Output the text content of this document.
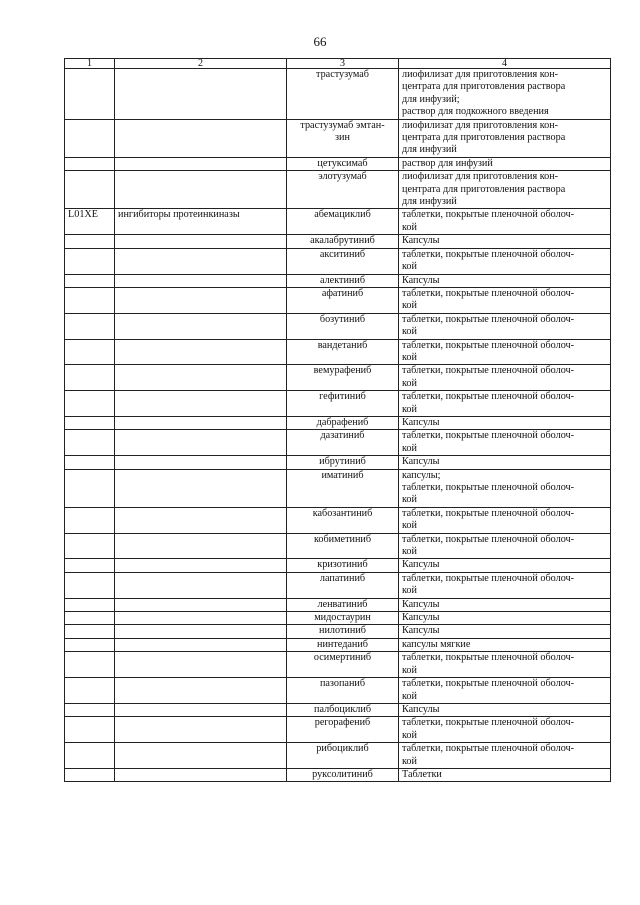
66
1	2	3	4

		трастузумаб	лиофилизат для приготовления кон-
центрата для приготовления раствора
для инфузий;
раствор для подкожного введения

		трастузумаб эмтан-
зин	лиофилизат для приготовления кон-
центрата для приготовления раствора
для инфузий

		цетуксимаб	раствор для инфузий

		элотузумаб	лиофилизат для приготовления кон-
центрата для приготовления раствора
для инфузий

L01XE	ингибиторы протеинкиназы	абемациклиб	таблетки, покрытые пленочной оболоч-
кой

		акалабрутиниб	Капсулы

		акситиниб	таблетки, покрытые пленочной оболоч-
кой

		алектиниб	Капсулы

		афатиниб	таблетки, покрытые пленочной оболоч-
кой

		бозутиниб	таблетки, покрытые пленочной оболоч-
кой

		вандетаниб	таблетки, покрытые пленочной оболоч-
кой

		вемурафениб	таблетки, покрытые пленочной оболоч-
кой

		гефитиниб	таблетки, покрытые пленочной оболоч-
кой

		дабрафениб	Капсулы

		дазатиниб	таблетки, покрытые пленочной оболоч-
кой

		ибрутиниб	Капсулы

		иматиниб	капсулы;
таблетки, покрытые пленочной оболоч-
кой

		кабозантиниб	таблетки, покрытые пленочной оболоч-
кой

		кобиметиниб	таблетки, покрытые пленочной оболоч-
кой

		кризотиниб	Капсулы

		лапатиниб	таблетки, покрытые пленочной оболоч-
кой

		ленватиниб	Капсулы

		мидостаурин	Капсулы

		нилотиниб	Капсулы

		нинтеданиб	капсулы мягкие

		осимертиниб	таблетки, покрытые пленочной оболоч-
кой

		пазопаниб	таблетки, покрытые пленочной оболоч-
кой

		палбоциклиб	Капсулы

		регорафениб	таблетки, покрытые пленочной оболоч-
кой

		рибоциклиб	таблетки, покрытые пленочной оболоч-
кой

		руксолитиниб	Таблетки
